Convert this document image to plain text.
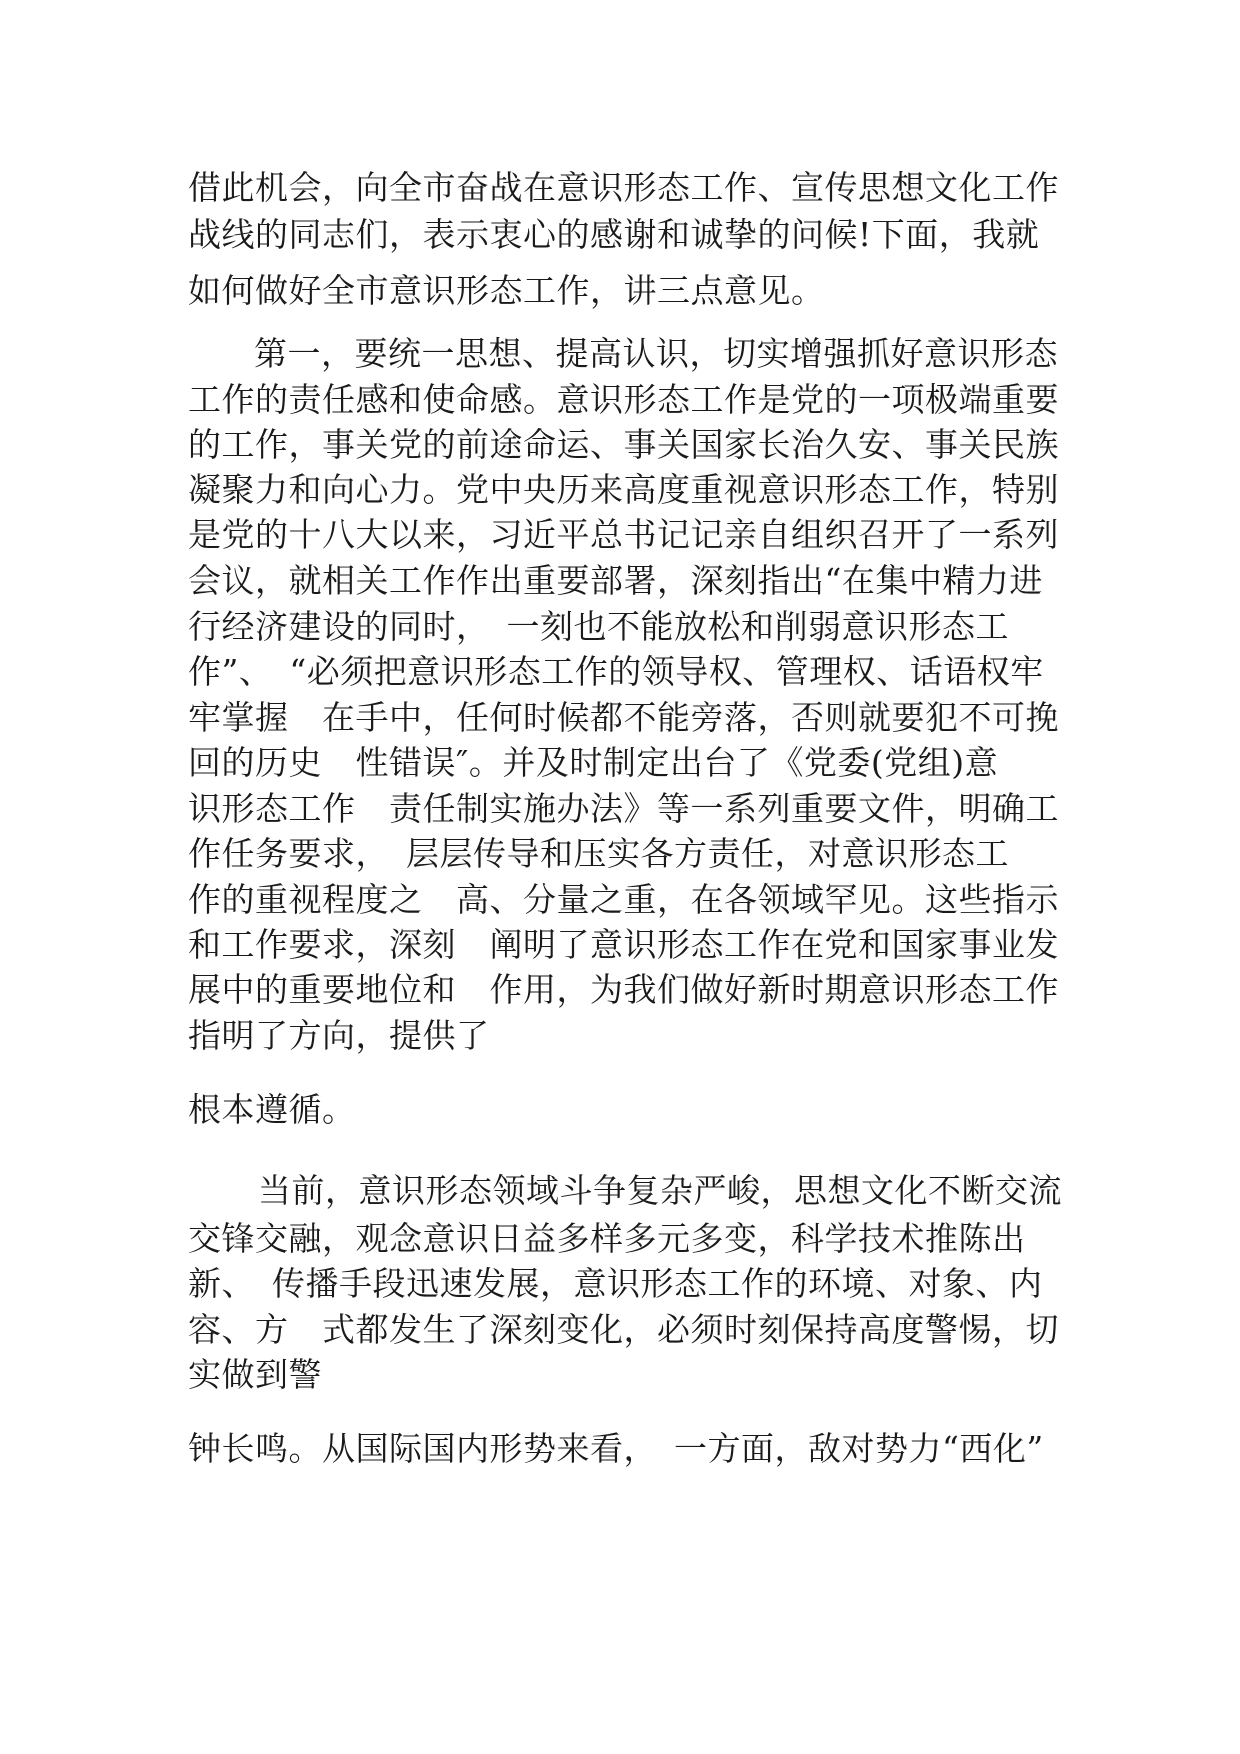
借此机会，向全市奋战在意识形态工作、宣传思想文化工作
战线的同志们，表示衷心的感谢和诚挚的问候!下面，我就
如何做好全市意识形态工作，讲三点意见。
第一，要统一思想、提高认识，切实增强抓好意识形态
工作的责任感和使命感。意识形态工作是党的一项极端重要
的工作，事关党的前途命运、事关国家长治久安、事关民族
凝聚力和向心力。党中央历来高度重视意识形态工作，特别
是党的十八大以来，习近平总书记记亲自组织召开了一系列
会议，就相关工作作出重要部署，深刻指出“在集中精力进
行经济建设的同时，　一刻也不能放松和削弱意识形态工
作”、　“必须把意识形态工作的领导权、管理权、话语权牢
牢掌握　在手中，任何时候都不能旁落，否则就要犯不可挽
回的历史　性错误″。并及时制定出台了《党委(党组)意
识形态工作　责任制实施办法》等一系列重要文件，明确工
作任务要求，　层层传导和压实各方责任，对意识形态工
作的重视程度之　高、分量之重，在各领域罕见。这些指示
和工作要求，深刻　阐明了意识形态工作在党和国家事业发
展中的重要地位和　作用，为我们做好新时期意识形态工作
指明了方向，提供了
根本遵循。
当前，意识形态领域斗争复杂严峻，思想文化不断交流
交锋交融，观念意识日益多样多元多变，科学技术推陈出
新、　传播手段迅速发展，意识形态工作的环境、对象、内
容、方　式都发生了深刻变化，必须时刻保持高度警惕，切
实做到警
钟长鸣。从国际国内形势来看，　一方面，敌对势力“西化”
